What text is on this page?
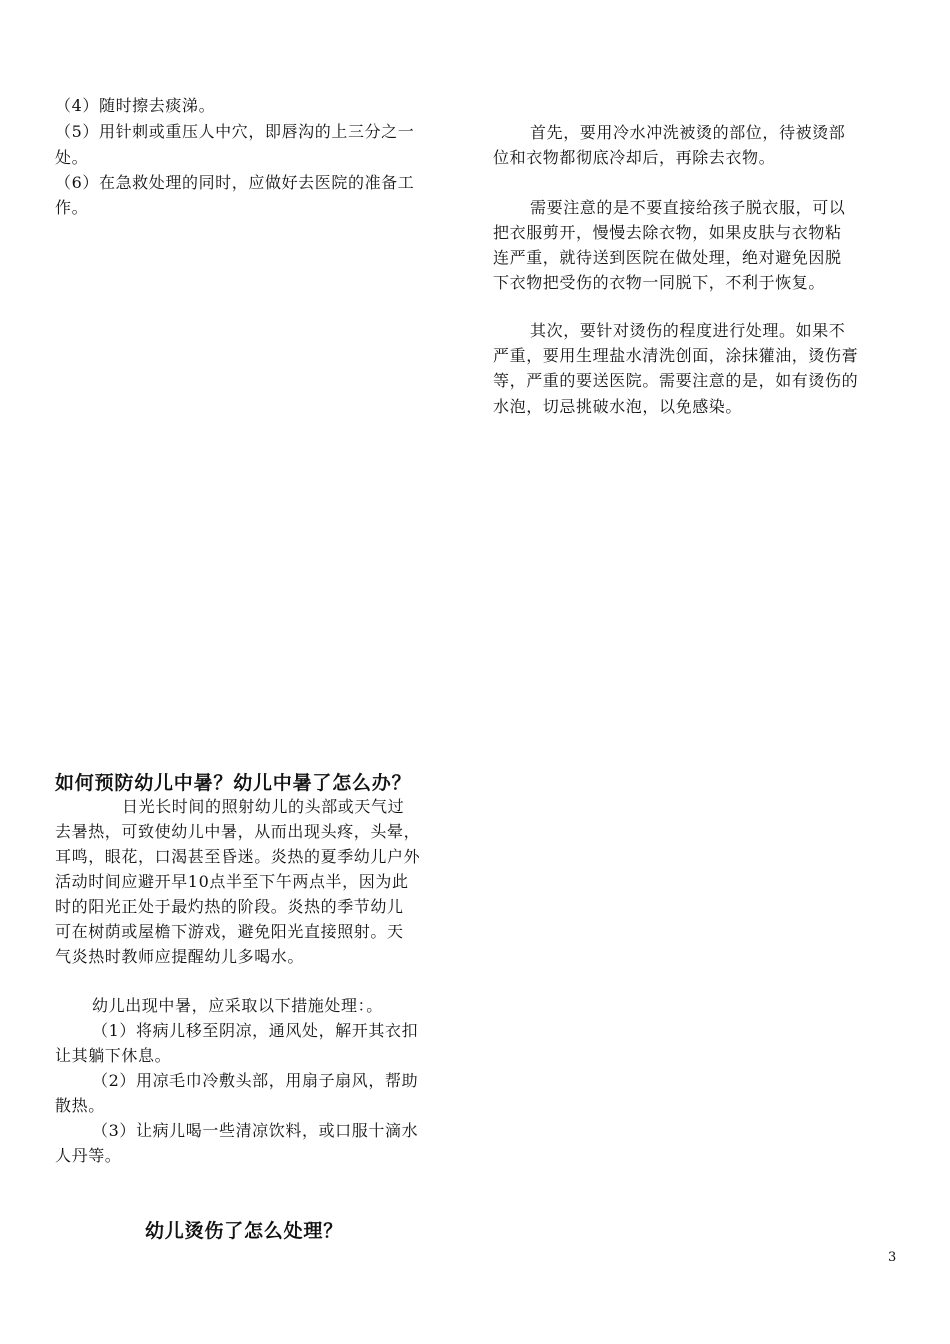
（4）随时擦去痰涕。
（5）用针刺或重压人中穴，即唇沟的上三分之一
处。
（6）在急救处理的同时，应做好去医院的准备工
作。
首先，要用冷水冲洗被烫的部位，待被烫部
位和衣物都彻底冷却后，再除去衣物。
需要注意的是不要直接给孩子脱衣服，可以
把衣服剪开，慢慢去除衣物，如果皮肤与衣物粘
连严重，就待送到医院在做处理，绝对避免因脱
下衣物把受伤的衣物一同脱下，不利于恢复。
其次，要针对烫伤的程度进行处理。如果不
严重，要用生理盐水清洗创面，涂抹獾油，烫伤膏
等，严重的要送医院。需要注意的是，如有烫伤的
水泡，切忌挑破水泡，以免感染。
如何预防幼儿中暑？幼儿中暑了怎么办？
日光长时间的照射幼儿的头部或天气过
去暑热，可致使幼儿中暑，从而出现头疼，头晕，
耳鸣，眼花，口渴甚至昏迷。炎热的夏季幼儿户外
活动时间应避开早10点半至下午两点半，因为此
时的阳光正处于最灼热的阶段。炎热的季节幼儿
可在树荫或屋檐下游戏，避免阳光直接照射。天
气炎热时教师应提醒幼儿多喝水。
幼儿出现中暑，应采取以下措施处理：。
（1）将病儿移至阴凉，通风处，解开其衣扣
让其躺下休息。
（2）用凉毛巾冷敷头部，用扇子扇风，帮助
散热。
（3）让病儿喝一些清凉饮料，或口服十滴水
人丹等。
幼儿烫伤了怎么处理？
3
